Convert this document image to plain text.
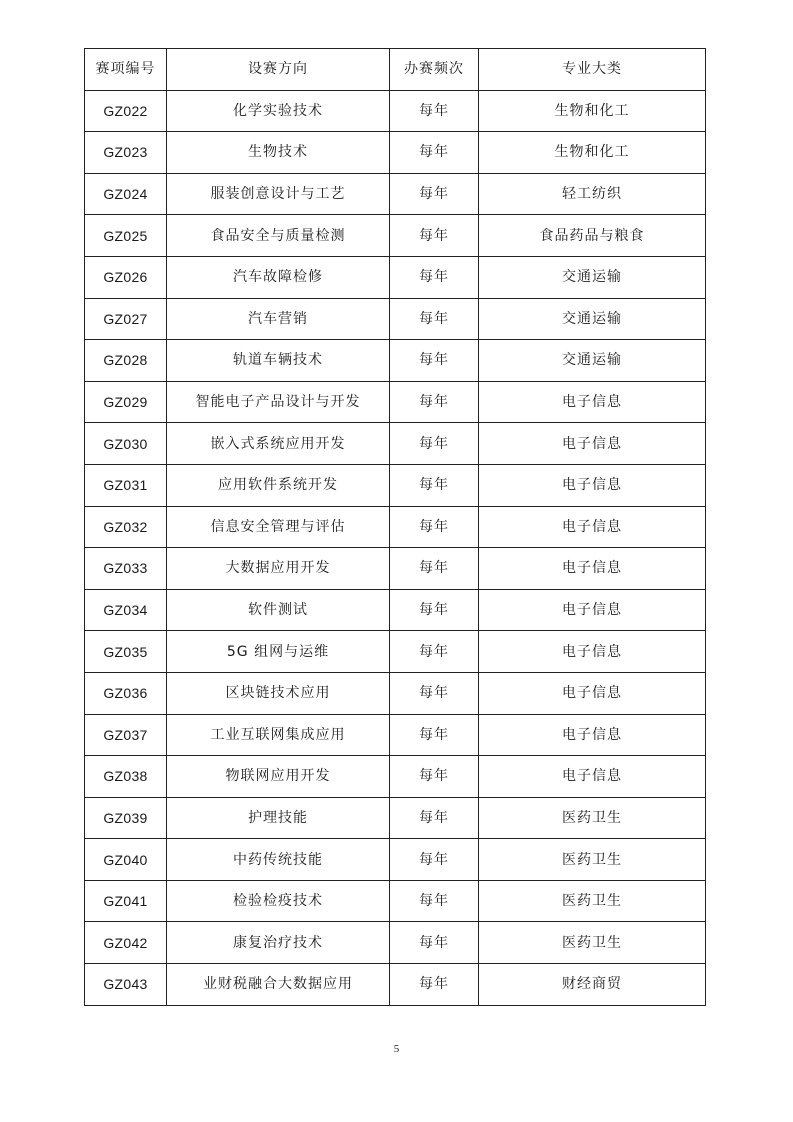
赛项编号	设赛方向	办赛频次	专业大类
GZ022	化学实验技术	每年	生物和化工
GZ023	生物技术	每年	生物和化工
GZ024	服装创意设计与工艺	每年	轻工纺织
GZ025	食品安全与质量检测	每年	食品药品与粮食
GZ026	汽车故障检修	每年	交通运输
GZ027	汽车营销	每年	交通运输
GZ028	轨道车辆技术	每年	交通运输
GZ029	智能电子产品设计与开发	每年	电子信息
GZ030	嵌入式系统应用开发	每年	电子信息
GZ031	应用软件系统开发	每年	电子信息
GZ032	信息安全管理与评估	每年	电子信息
GZ033	大数据应用开发	每年	电子信息
GZ034	软件测试	每年	电子信息
GZ035	5G 组网与运维	每年	电子信息
GZ036	区块链技术应用	每年	电子信息
GZ037	工业互联网集成应用	每年	电子信息
GZ038	物联网应用开发	每年	电子信息
GZ039	护理技能	每年	医药卫生
GZ040	中药传统技能	每年	医药卫生
GZ041	检验检疫技术	每年	医药卫生
GZ042	康复治疗技术	每年	医药卫生
GZ043	业财税融合大数据应用	每年	财经商贸
5
